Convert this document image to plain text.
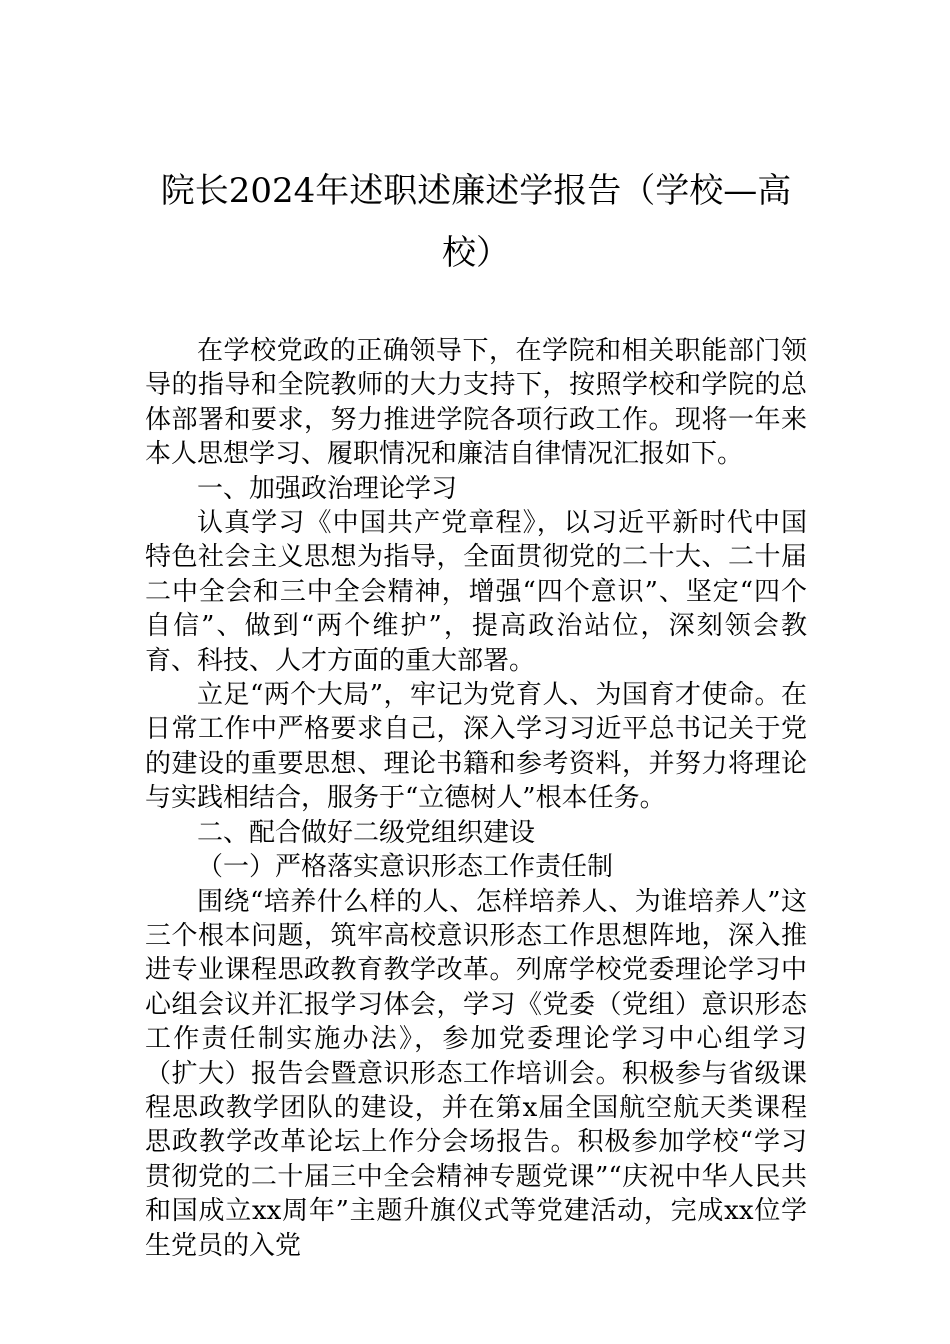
院长2024年述职述廉述学报告（学校—高
校）

在学校党政的正确领导下，在学院和相关职能部门领导的指导和全院教师的大力支持下，按照学校和学院的总体部署和要求，努力推进学院各项行政工作。现将一年来本人思想学习、履职情况和廉洁自律情况汇报如下。

一、加强政治理论学习

认真学习《中国共产党章程》，以习近平新时代中国特色社会主义思想为指导，全面贯彻党的二十大、二十届二中全会和三中全会精神，增强“四个意识”、坚定“四个自信”、做到“两个维护”，提高政治站位，深刻领会教育、科技、人才方面的重大部署。

立足“两个大局”，牢记为党育人、为国育才使命。在日常工作中严格要求自己，深入学习习近平总书记关于党的建设的重要思想、理论书籍和参考资料，并努力将理论与实践相结合，服务于“立德树人”根本任务。

二、配合做好二级党组织建设

（一）严格落实意识形态工作责任制

围绕“培养什么样的人、怎样培养人、为谁培养人”这三个根本问题，筑牢高校意识形态工作思想阵地，深入推进专业课程思政教育教学改革。列席学校党委理论学习中心组会议并汇报学习体会，学习《党委（党组）意识形态工作责任制实施办法》，参加党委理论学习中心组学习（扩大）报告会暨意识形态工作培训会。积极参与省级课程思政教学团队的建设，并在第x届全国航空航天类课程思政教学改革论坛上作分会场报告。积极参加学校“学习贯彻党的二十届三中全会精神专题党课”“庆祝中华人民共和国成立xx周年”主题升旗仪式等党建活动，完成xx位学生党员的入党
